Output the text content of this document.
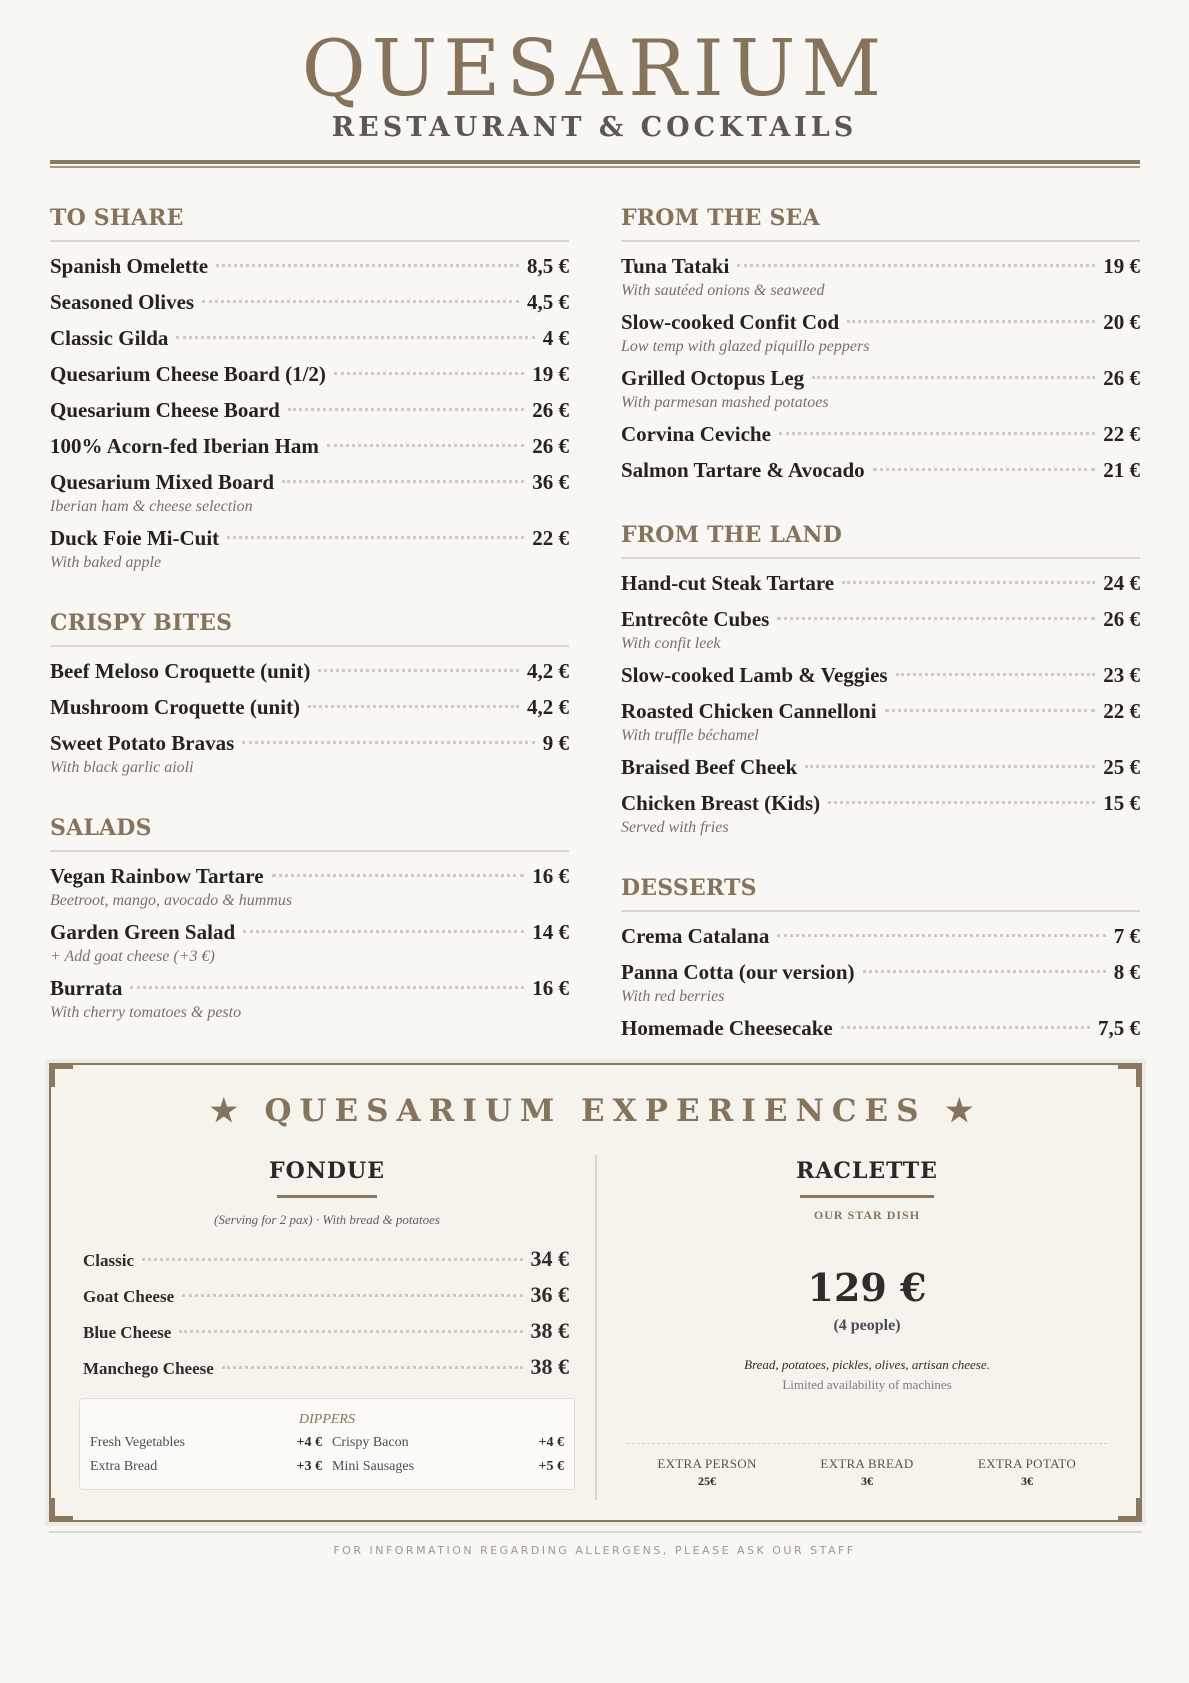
QUESARIUM
RESTAURANT & COCKTAILS
TO SHARE
Spanish Omelette	8,5 €
Seasoned Olives	4,5 €
Classic Gilda	4 €
Quesarium Cheese Board (1/2)	19 €
Quesarium Cheese Board	26 €
100% Acorn-fed Iberian Ham	26 €
Quesarium Mixed Board	36 €
Iberian ham & cheese selection
Duck Foie Mi-Cuit	22 €
With baked apple
CRISPY BITES
Beef Meloso Croquette (unit)	4,2 €
Mushroom Croquette (unit)	4,2 €
Sweet Potato Bravas	9 €
With black garlic aioli
SALADS
Vegan Rainbow Tartare	16 €
Beetroot, mango, avocado & hummus
Garden Green Salad	14 €
+ Add goat cheese (+3 €)
Burrata	16 €
With cherry tomatoes & pesto
FROM THE SEA
Tuna Tataki	19 €
With sautéed onions & seaweed
Slow-cooked Confit Cod	20 €
Low temp with glazed piquillo peppers
Grilled Octopus Leg	26 €
With parmesan mashed potatoes
Corvina Ceviche	22 €
Salmon Tartare & Avocado	21 €
FROM THE LAND
Hand-cut Steak Tartare	24 €
Entrecôte Cubes	26 €
With confit leek
Slow-cooked Lamb & Veggies	23 €
Roasted Chicken Cannelloni	22 €
With truffle béchamel
Braised Beef Cheek	25 €
Chicken Breast (Kids)	15 €
Served with fries
DESSERTS
Crema Catalana	7 €
Panna Cotta (our version)	8 €
With red berries
Homemade Cheesecake	7,5 €
★ QUESARIUM EXPERIENCES ★
FONDUE
(Serving for 2 pax) · With bread & potatoes
Classic	34 €
Goat Cheese	36 €
Blue Cheese	38 €
Manchego Cheese	38 €
DIPPERS
Fresh Vegetables	+4 € Crispy Bacon	+4 €
Extra Bread	+3 € Mini Sausages	+5 €
RACLETTE
OUR STAR DISH
129 €
(4 people)
Bread, potatoes, pickles, olives, artisan cheese.
Limited availability of machines
EXTRA PERSON
25€
EXTRA BREAD
3€
EXTRA POTATO
3€
FOR INFORMATION REGARDING ALLERGENS, PLEASE ASK OUR STAFF
